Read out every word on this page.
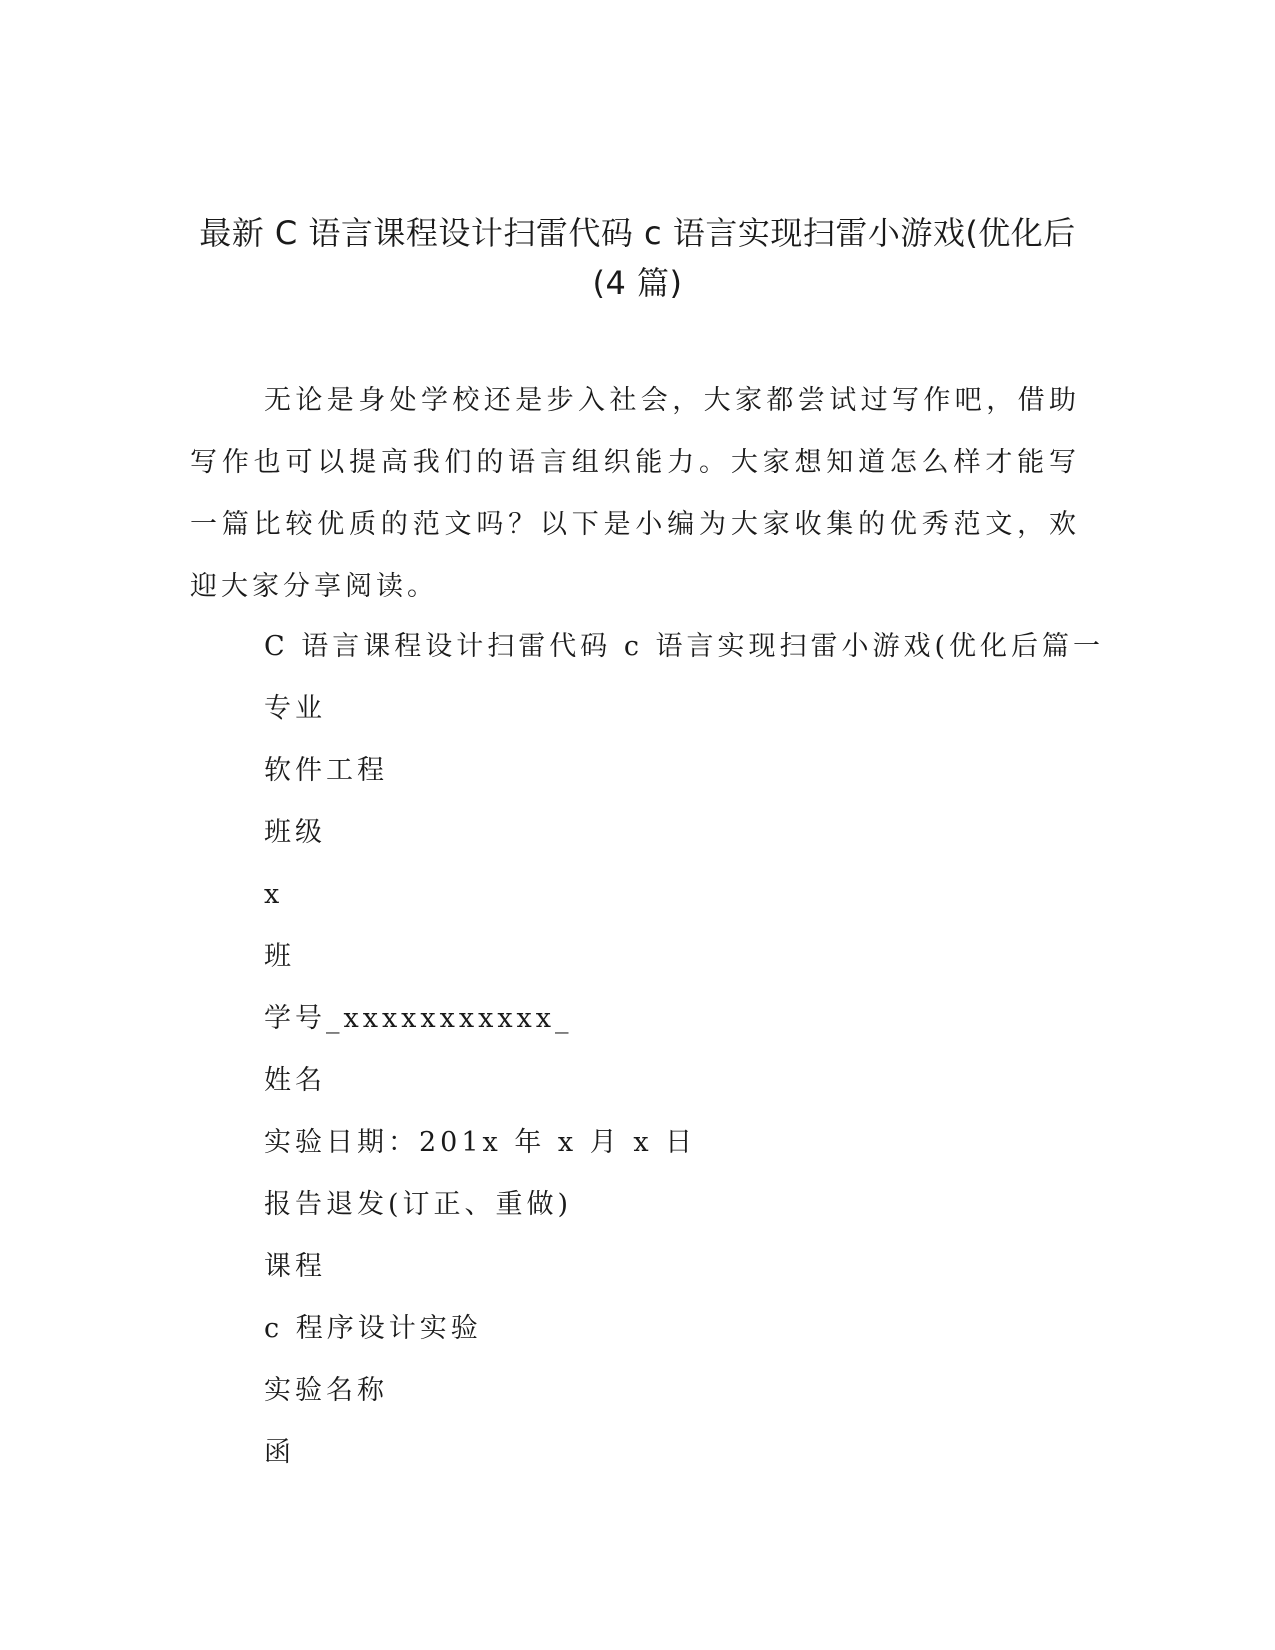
最新 C 语言课程设计扫雷代码 c 语言实现扫雷小游戏(优化后
(4 篇)

无论是身处学校还是步入社会，大家都尝试过写作吧，借助写作也可以提高我们的语言组织能力。大家想知道怎么样才能写一篇比较优质的范文吗？以下是小编为大家收集的优秀范文，欢迎大家分享阅读。

C 语言课程设计扫雷代码 c 语言实现扫雷小游戏(优化后篇一
专业
软件工程
班级
x
班
学号_xxxxxxxxxxx_
姓名
实验日期：201x 年 x 月 x 日
报告退发(订正、重做)
课程
c 程序设计实验
实验名称
函
